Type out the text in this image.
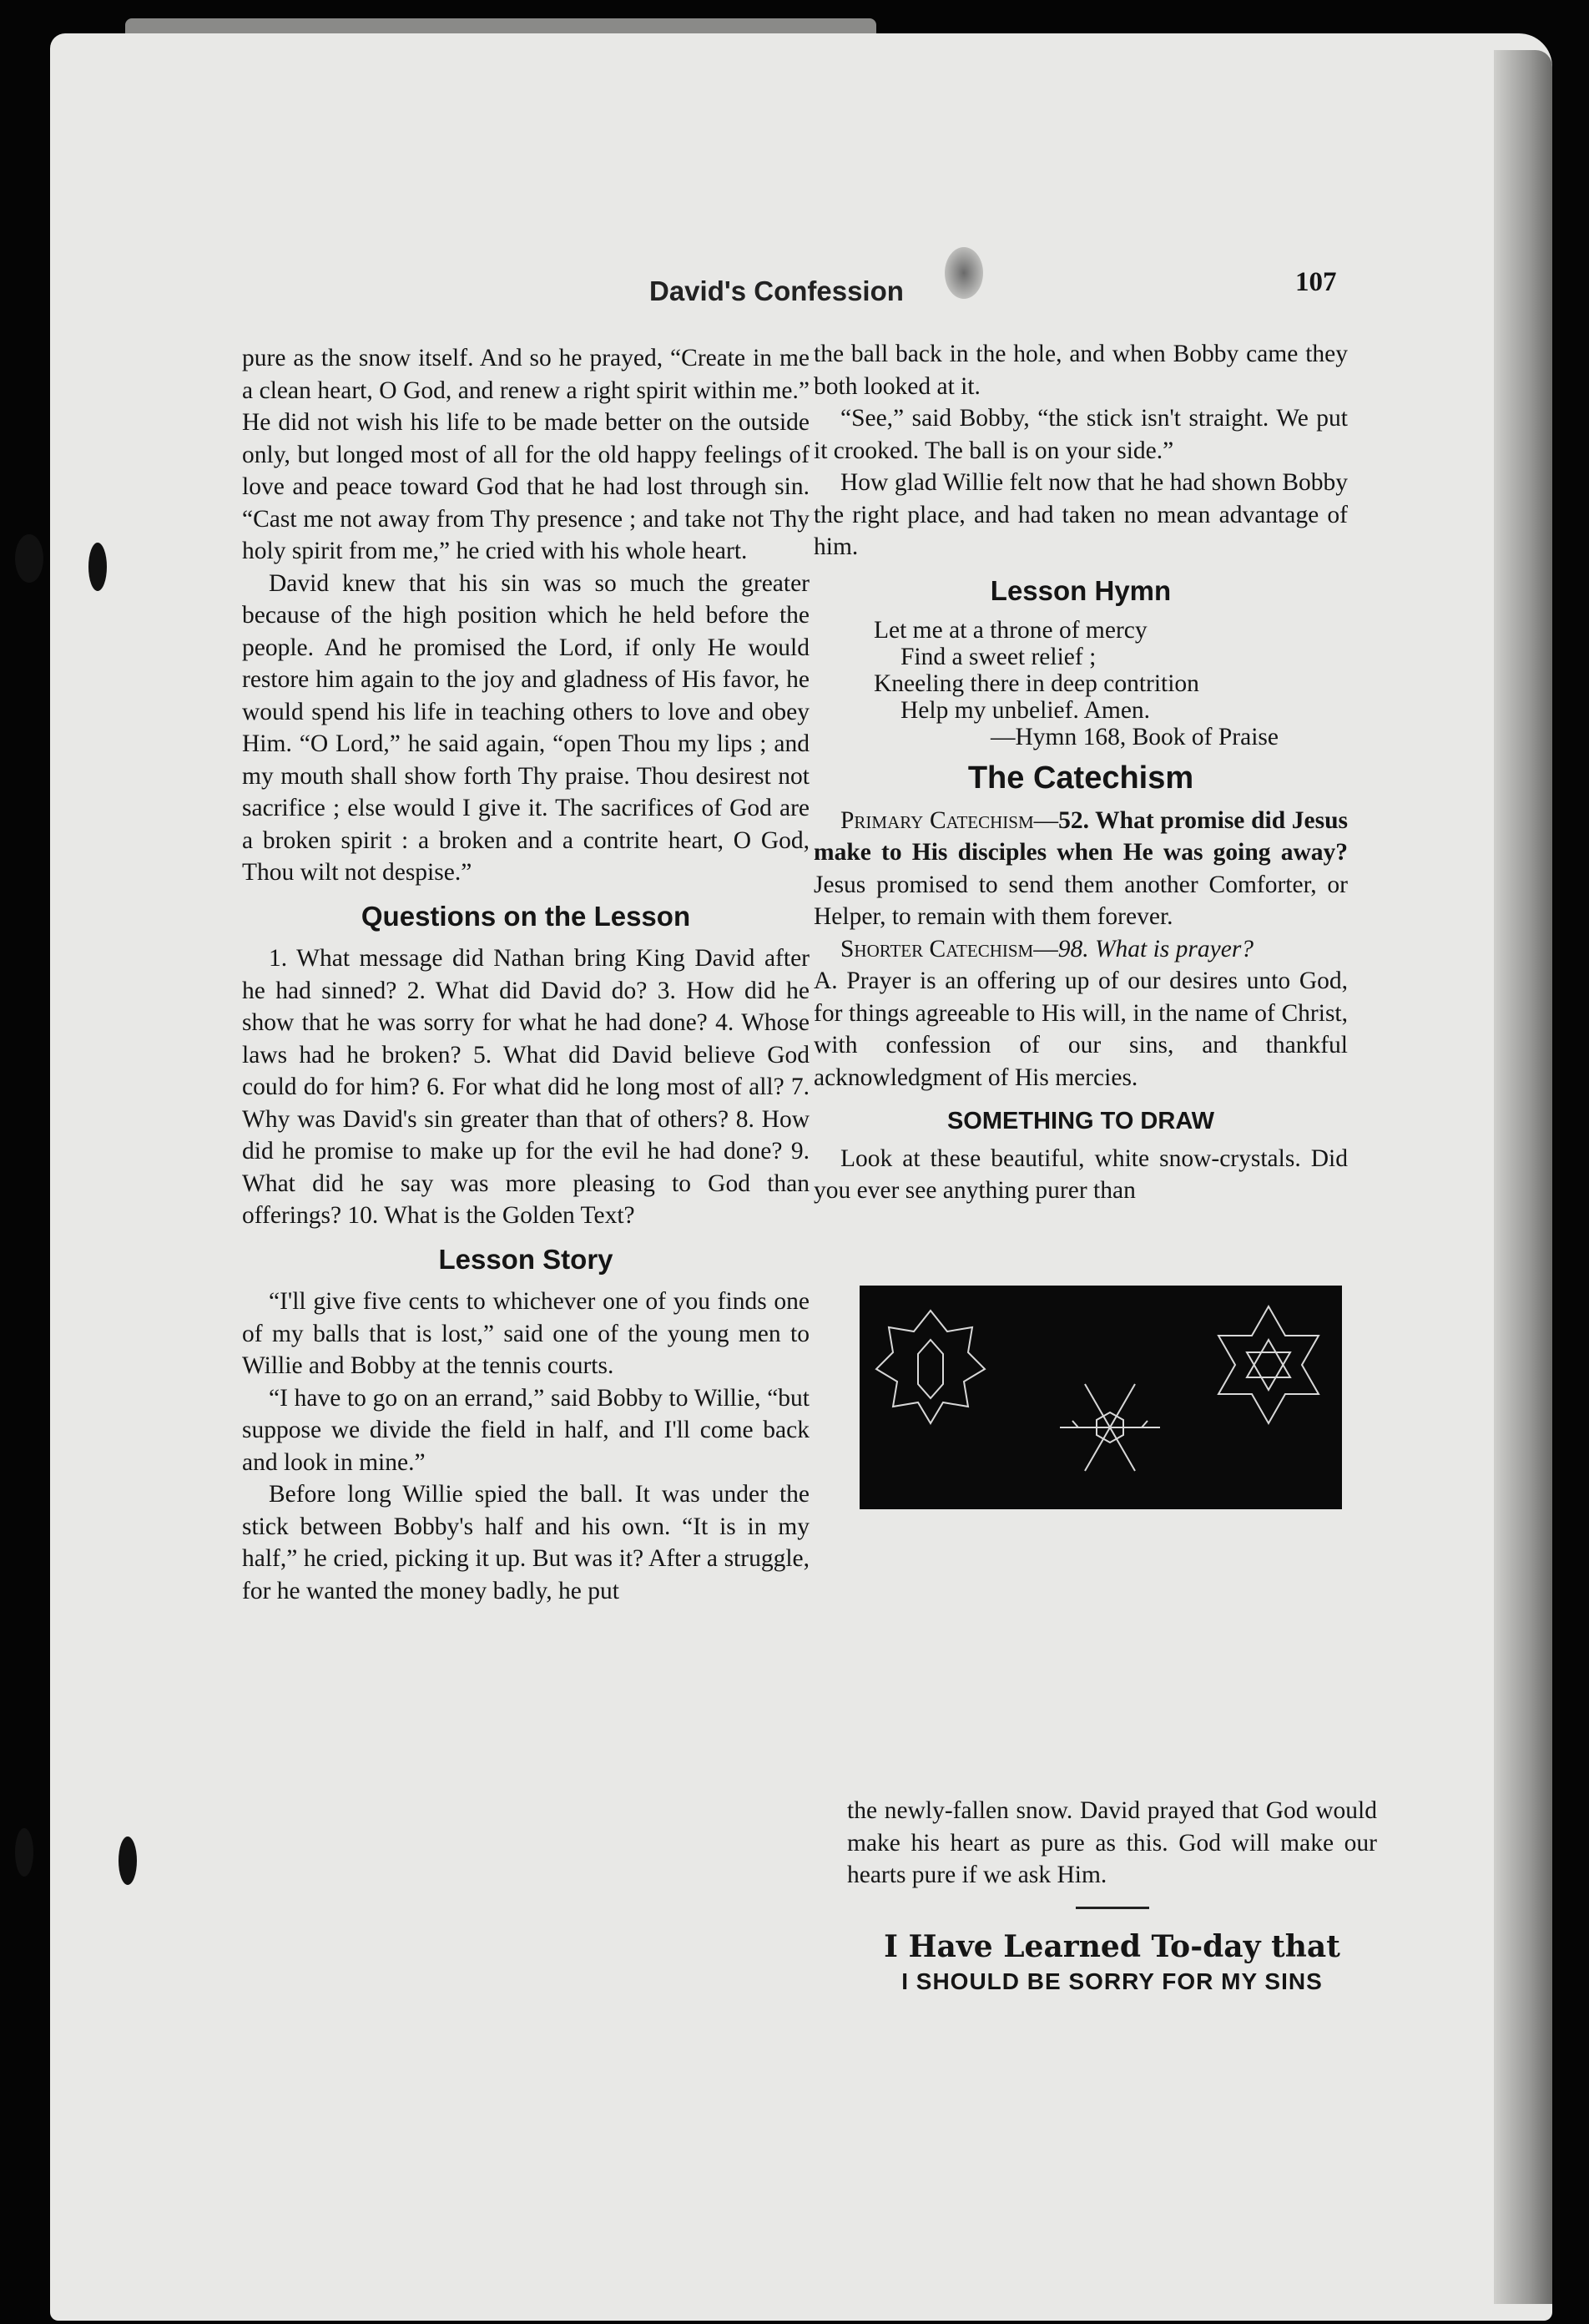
David's Confession	107

pure as the snow itself. And so he prayed, “Create in me a clean heart, O God, and renew a right spirit within me.” He did not wish his life to be made better on the outside only, but longed most of all for the old happy feelings of love and peace toward God that he had lost through sin. “Cast me not away from Thy presence ; and take not Thy holy spirit from me,” he cried with his whole heart.

David knew that his sin was so much the greater because of the high position which he held before the people. And he promised the Lord, if only He would restore him again to the joy and gladness of His favor, he would spend his life in teaching others to love and obey Him. “O Lord,” he said again, “open Thou my lips ; and my mouth shall show forth Thy praise. Thou desirest not sacrifice ; else would I give it. The sacrifices of God are a broken spirit : a broken and a contrite heart, O God, Thou wilt not despise.”

Questions on the Lesson

1. What message did Nathan bring King David after he had sinned? 2. What did David do? 3. How did he show that he was sorry for what he had done? 4. Whose laws had he broken? 5. What did David believe God could do for him? 6. For what did he long most of all? 7. Why was David's sin greater than that of others? 8. How did he promise to make up for the evil he had done? 9. What did he say was more pleasing to God than offerings? 10. What is the Golden Text?

Lesson Story

“I'll give five cents to whichever one of you finds one of my balls that is lost,” said one of the young men to Willie and Bobby at the tennis courts.

“I have to go on an errand,” said Bobby to Willie, “but suppose we divide the field in half, and I'll come back and look in mine.”

Before long Willie spied the ball. It was under the stick between Bobby's half and his own. “It is in my half,” he cried, picking it up. But was it? After a struggle, for he wanted the money badly, he put

the ball back in the hole, and when Bobby came they both looked at it.

“See,” said Bobby, “the stick isn't straight. We put it crooked. The ball is on your side.”

How glad Willie felt now that he had shown Bobby the right place, and had taken no mean advantage of him.

Lesson Hymn
Let me at a throne of mercy
Find a sweet relief ;
Kneeling there in deep contrition
Help my unbelief. Amen.
—Hymn 168, Book of Praise
The Catechism

Primary Catechism—52. What promise did Jesus make to His disciples when He was going away? Jesus promised to send them another Comforter, or Helper, to remain with them forever.

Shorter Catechism—98. What is prayer?

A. Prayer is an offering up of our desires unto God, for things agreeable to His will, in the name of Christ, with confession of our sins, and thankful acknowledgment of His mercies.

SOMETHING TO DRAW

Look at these beautiful, white snow-crystals. Did you ever see anything purer than

the newly-fallen snow. David prayed that God would make his heart as pure as this. God will make our hearts pure if we ask Him.

I Have Learned To-day that
I SHOULD BE SORRY FOR MY SINS
